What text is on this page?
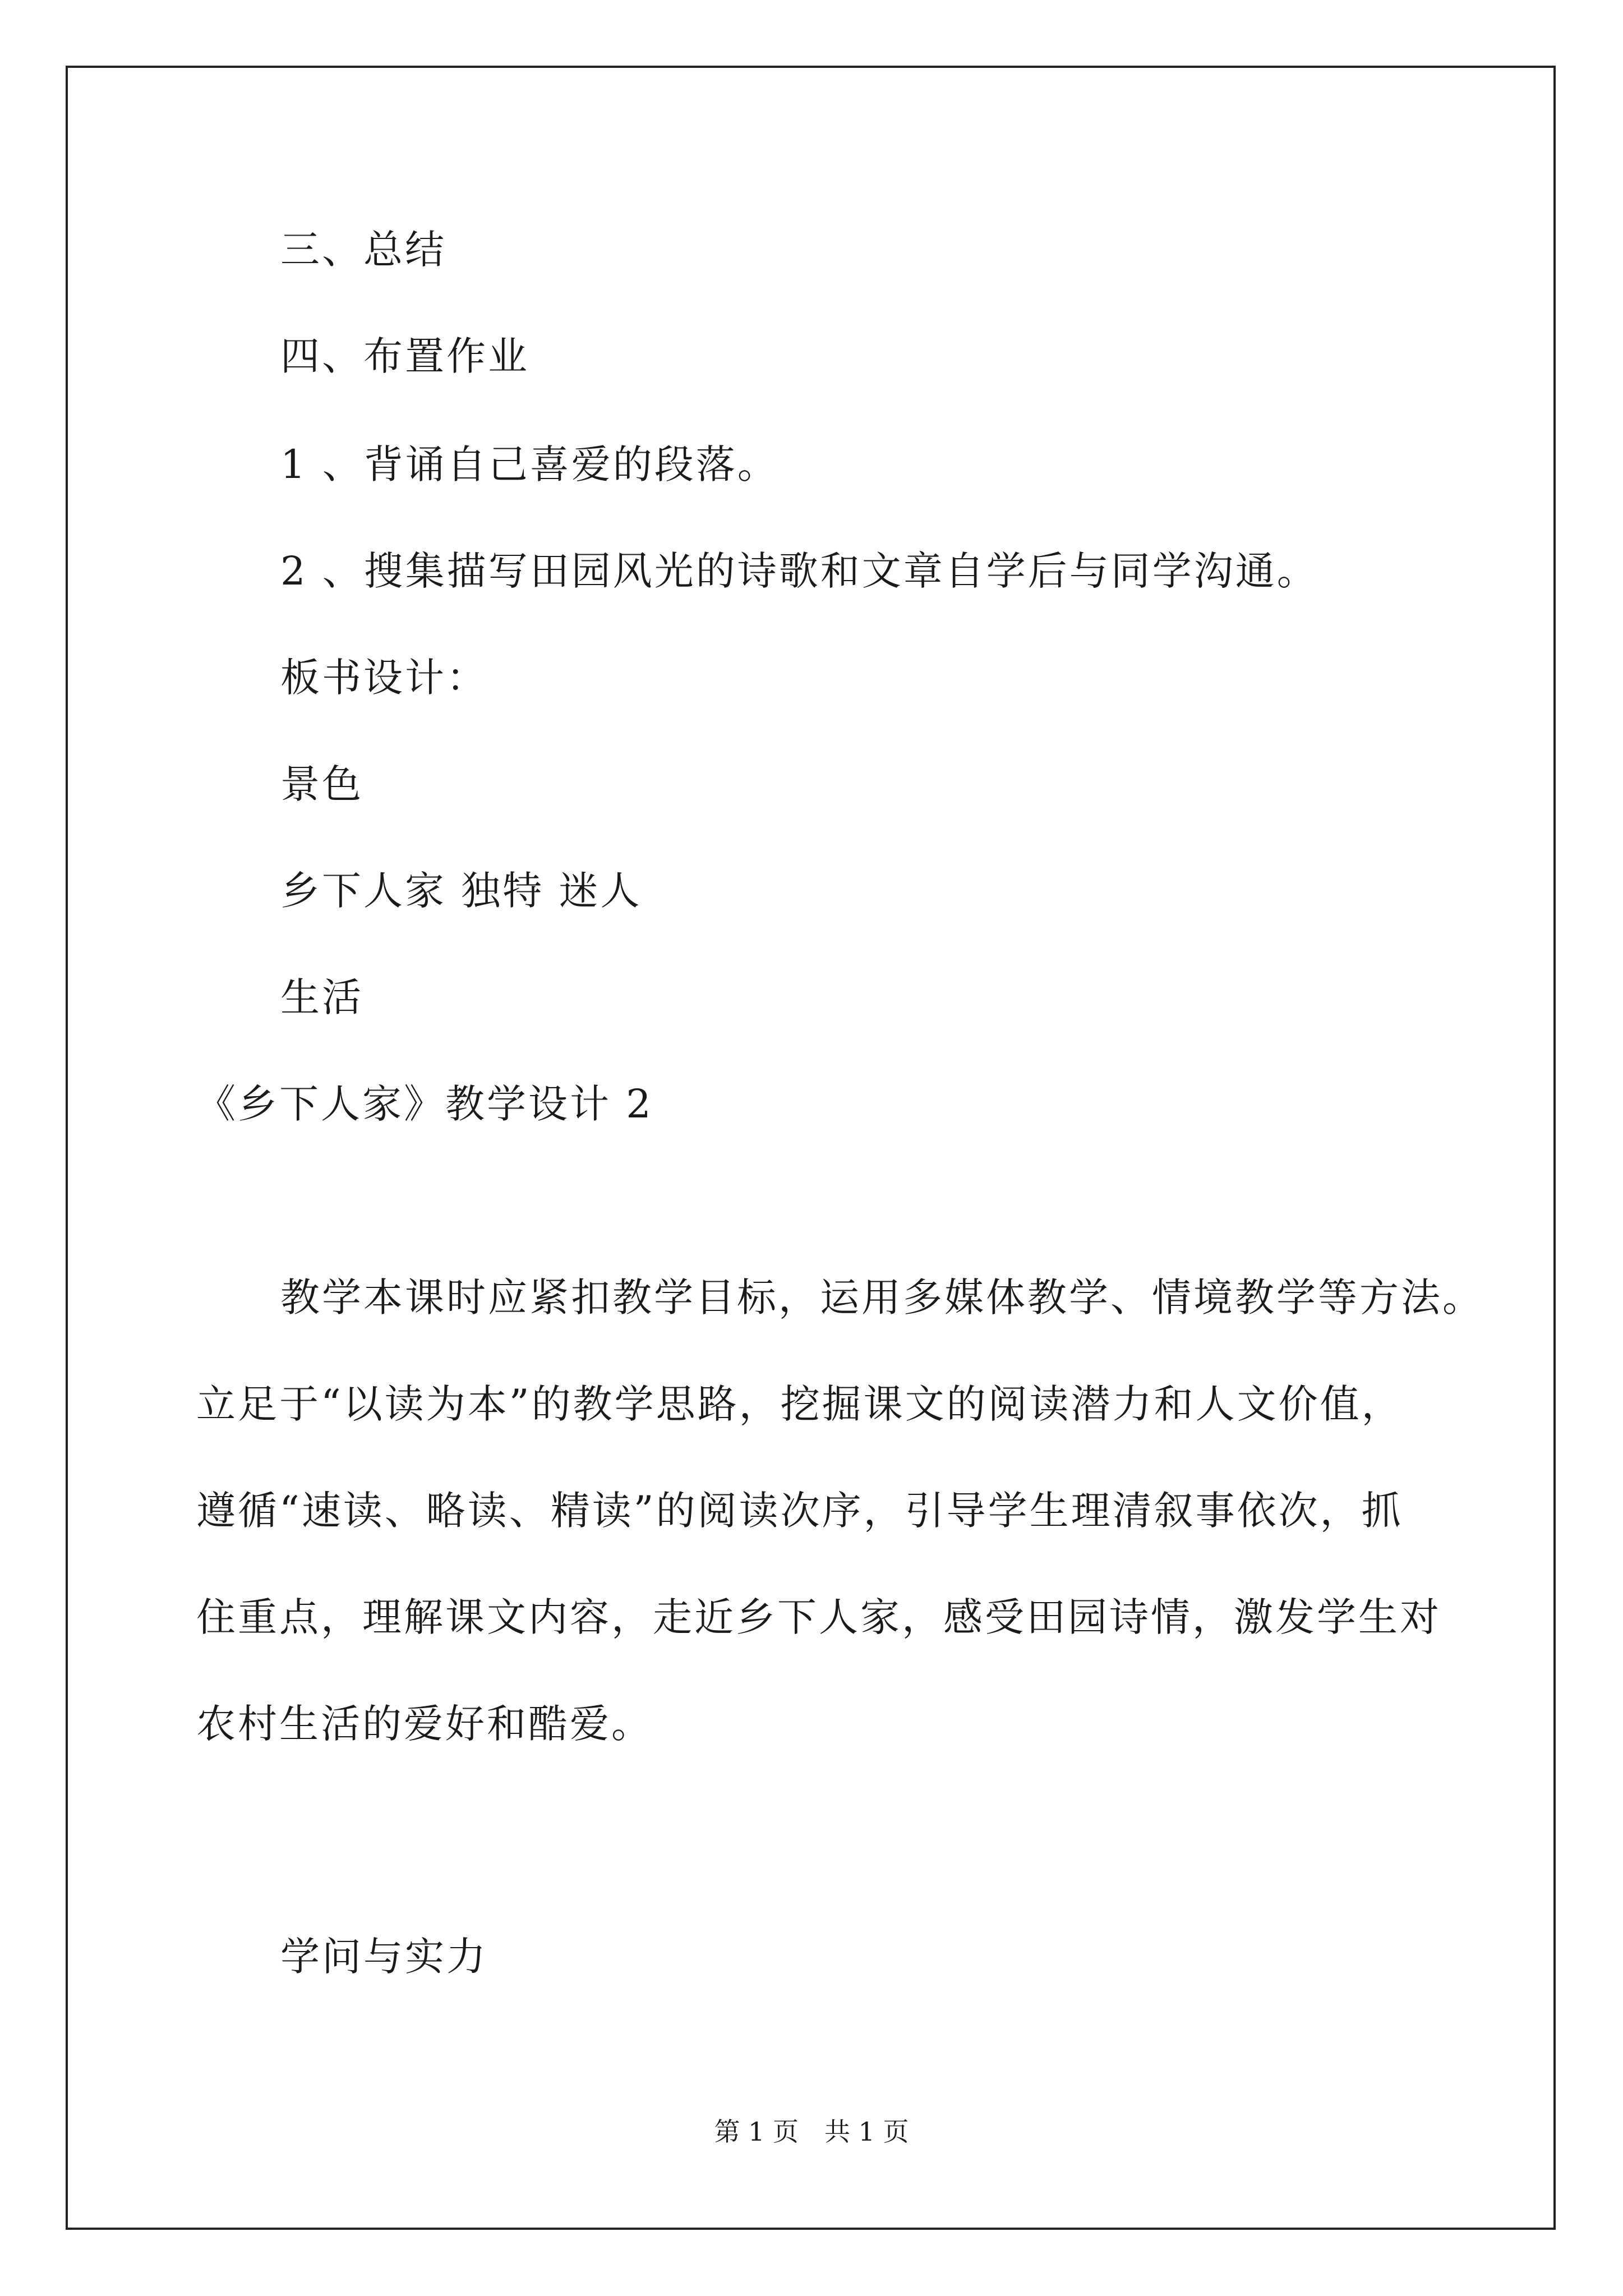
三、总结
四、布置作业
1 、背诵自己喜爱的段落。
2 、搜集描写田园风光的诗歌和文章自学后与同学沟通。
板书设计：
景色
乡下人家 独特 迷人
生活
《乡下人家》教学设计 2
教学本课时应紧扣教学目标，运用多媒体教学、情境教学等方法。
立足于“以读为本”的教学思路，挖掘课文的阅读潜力和人文价值，
遵循“速读、略读、精读”的阅读次序，引导学生理清叙事依次，抓
住重点，理解课文内容，走近乡下人家，感受田园诗情，激发学生对
农村生活的爱好和酷爱。
学问与实力
第 1 页　共 1 页
